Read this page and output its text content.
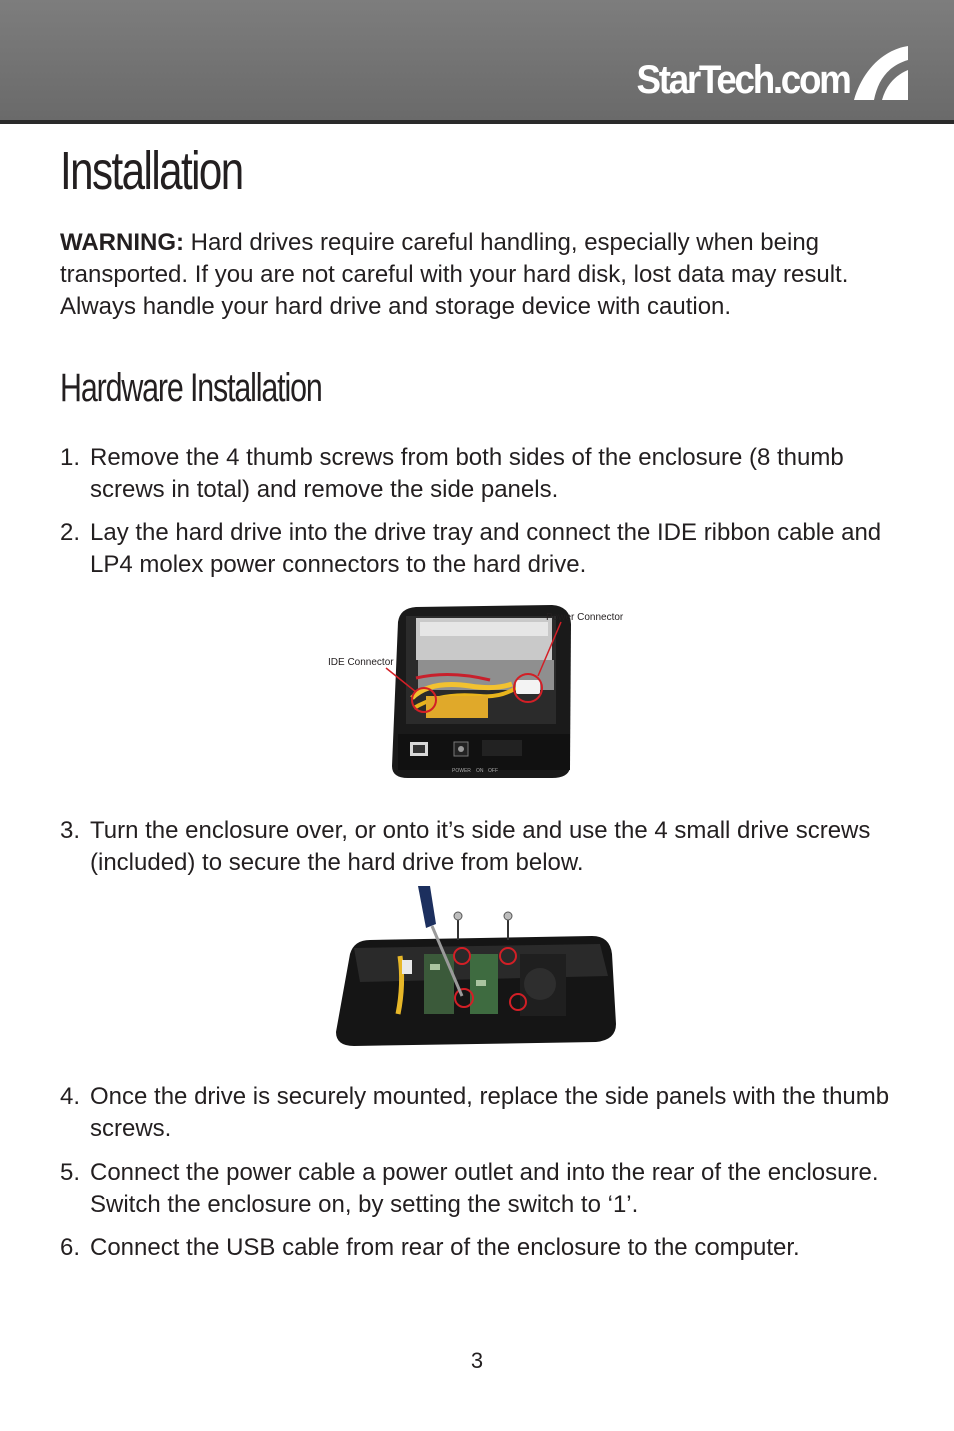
StarTech.com
Installation

WARNING: Hard drives require careful handling, especially when being transported. If you are not careful with your hard disk, lost data may result. Always handle your hard drive and storage device with caution.

Hardware Installation
1. Remove the 4 thumb screws from both sides of the enclosure (8 thumb screws in total) and remove the side panels.
2. Lay the hard drive into the drive tray and connect the IDE ribbon cable and LP4 molex power connectors to the hard drive.
POWER ON OFF
Power Connector
IDE Connector
3. Turn the enclosure over, or onto it’s side and use the 4 small drive screws (included) to secure the hard drive from below.
4. Once the drive is securely mounted, replace the side panels with the thumb screws.
5. Connect the power cable a power outlet and into the rear of the enclosure. Switch the enclosure on, by setting the switch to ‘1’.
6. Connect the USB cable from rear of the enclosure to the computer.
3
